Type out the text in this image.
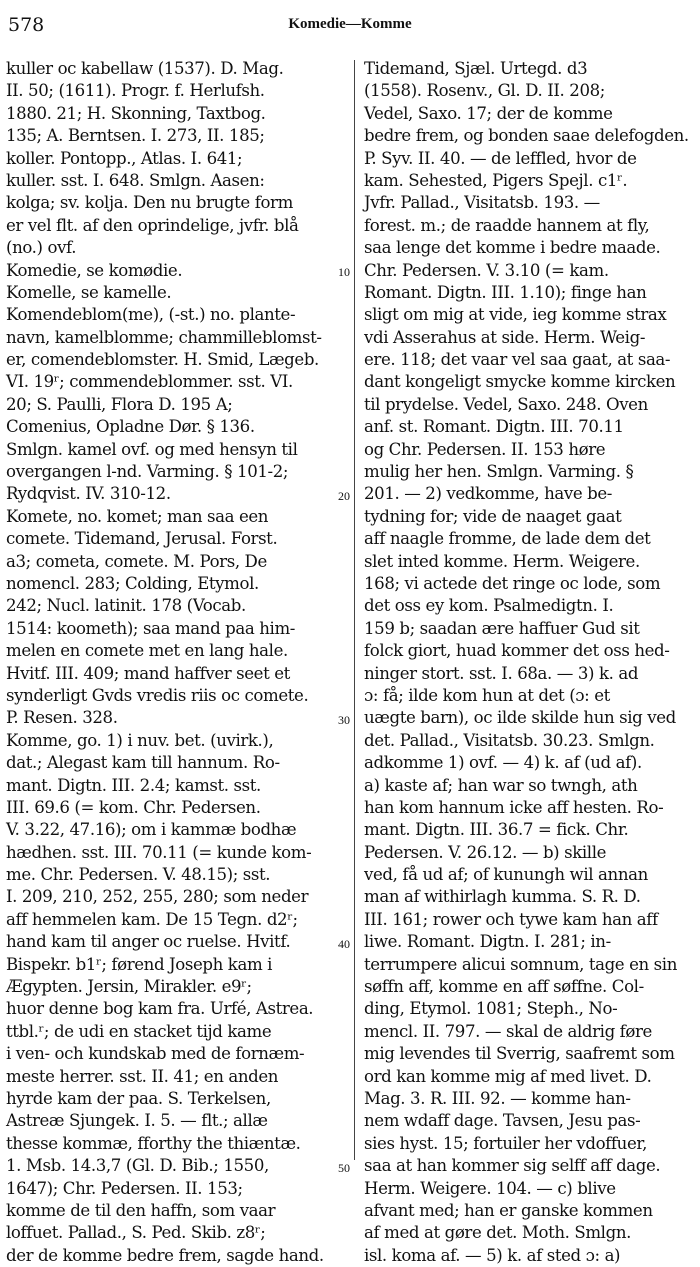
578	Komedie—Komme
kuller oc kabellaw (1537). D. Mag.
II. 50; (1611). Progr. f. Herlufsh.
1880. 21; H. Skonning, Taxtbog.
135; A. Berntsen. I. 273, II. 185;
koller. Pontopp., Atlas. I. 641;
kuller. sst. I. 648. Smlgn. Aasen:
kolga; sv. kolja. Den nu brugte form
er vel flt. af den oprindelige, jvfr. blå
(no.) ovf.
Komedie, se komødie.
Komelle, se kamelle.
Komendeblom(me), (-st.) no. plante-
navn, kamelblomme; chammilleblomst-
er, comendeblomster. H. Smid, Lægeb.
VI. 19ʳ; commendeblommer. sst. VI.
20; S. Paulli, Flora D. 195 A;
Comenius, Opladne Dør. § 136.
Smlgn. kamel ovf. og med hensyn til
overgangen l-nd. Varming. § 101-2;
Rydqvist. IV. 310-12.
Komete, no. komet; man saa een
comete. Tidemand, Jerusal. Forst.
a3; cometa, comete. M. Pors, De
nomencl. 283; Colding, Etymol.
242; Nucl. latinit. 178 (Vocab.
1514: koometh); saa mand paa him-
melen en comete met en lang hale.
Hvitf. III. 409; mand haffver seet et
synderligt Gvds vredis riis oc comete.
P. Resen. 328.
Komme, go. 1) i nuv. bet. (uvirk.),
dat.; Alegast kam till hannum. Ro-
mant. Digtn. III. 2.4; kamst. sst.
III. 69.6 (= kom. Chr. Pedersen.
V. 3.22, 47.16); om i kammæ bodhæ
hædhen. sst. III. 70.11 (= kunde kom-
me. Chr. Pedersen. V. 48.15); sst.
I. 209, 210, 252, 255, 280; som neder
aff hemmelen kam. De 15 Tegn. d2ʳ;
hand kam til anger oc ruelse. Hvitf.
Bispekr. b1ʳ; førend Joseph kam i
Ægypten. Jersin, Mirakler. e9ʳ;
huor denne bog kam fra. Urfé, Astrea.
ttbl.ʳ; de udi en stacket tijd kame
i ven- och kundskab med de fornæm-
meste herrer. sst. II. 41; en anden
hyrde kam der paa. S. Terkelsen,
Astreæ Sjungek. I. 5. — flt.; allæ
thesse kommæ, fforthy the thiæntæ.
1. Msb. 14.3,7 (Gl. D. Bib.; 1550,
1647); Chr. Pedersen. II. 153;
komme de til den haffn, som vaar
loffuet. Pallad., S. Ped. Skib. z8ʳ;
der de komme bedre frem, sagde hand.
Tidemand, Sjæl. Urtegd. d3
(1558). Rosenv., Gl. D. II. 208;
Vedel, Saxo. 17; der de komme
bedre frem, og bonden saae delefogden.
P. Syv. II. 40. — de leffled, hvor de
kam. Sehested, Pigers Spejl. c1ʳ.
Jvfr. Pallad., Visitatsb. 193. —
forest. m.; de raadde hannem at fly,
saa lenge det komme i bedre maade.
Chr. Pedersen. V. 3.10 (= kam.
Romant. Digtn. III. 1.10); finge han
sligt om mig at vide, ieg komme strax
vdi Asserahus at side. Herm. Weig-
ere. 118; det vaar vel saa gaat, at saa-
dant kongeligt smycke komme kircken
til prydelse. Vedel, Saxo. 248. Oven
anf. st. Romant. Digtn. III. 70.11
og Chr. Pedersen. II. 153 høre
mulig her hen. Smlgn. Varming. §
201. — 2) vedkomme, have be-
tydning for; vide de naaget gaat
aff naagle fromme, de lade dem det
slet inted komme. Herm. Weigere.
168; vi actede det ringe oc lode, som
det oss ey kom. Psalmedigtn. I.
159 b; saadan ære haffuer Gud sit
folck giort, huad kommer det oss hed-
ninger stort. sst. I. 68a. — 3) k. ad
ɔ: få; ilde kom hun at det (ɔ: et
uægte barn), oc ilde skilde hun sig ved
det. Pallad., Visitatsb. 30.23. Smlgn.
adkomme 1) ovf. — 4) k. af (ud af).
a) kaste af; han war so twngh, ath
han kom hannum icke aff hesten. Ro-
mant. Digtn. III. 36.7 = fick. Chr.
Pedersen. V. 26.12. — b) skille
ved, få ud af; of kunungh wil annan
man af withirlagh kumma. S. R. D.
III. 161; rower och tywe kam han aff
liwe. Romant. Digtn. I. 281; in-
terrumpere alicui somnum, tage en sin
søffn aff, komme en aff søffne. Col-
ding, Etymol. 1081; Steph., No-
mencl. II. 797. — skal de aldrig føre
mig levendes til Sverrig, saafremt som
ord kan komme mig af med livet. D.
Mag. 3. R. III. 92. — komme han-
nem wdaff dage. Tavsen, Jesu pas-
sies hyst. 15; fortuiler her vdoffuer,
saa at han kommer sig selff aff dage.
Herm. Weigere. 104. — c) blive
afvant med; han er ganske kommen
af med at gøre det. Moth. Smlgn.
isl. koma af. — 5) k. af sted ɔ: a)
10
20
30
40
50
